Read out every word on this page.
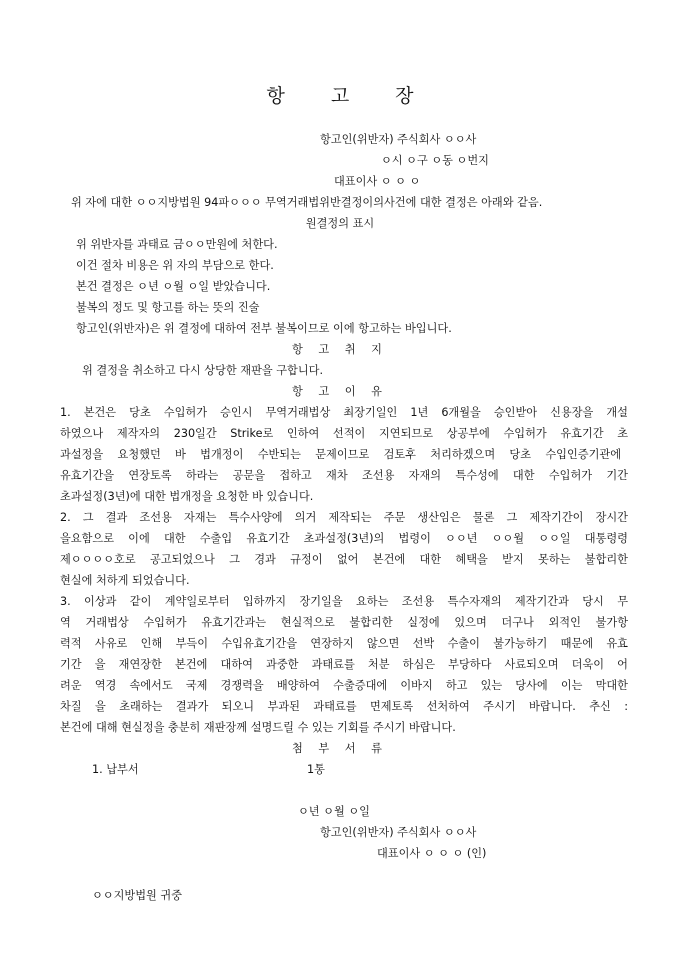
항 고 장
항고인(위반자) 주식회사 ㅇㅇ사
ㅇ시 ㅇ구 ㅇ동 ㅇ번지
대표이사 ㅇ ㅇ ㅇ
위 자에 대한 ㅇㅇ지방법원 94파ㅇㅇㅇ 무역거래법위반결정이의사건에 대한 결정은 아래와 같음.
원결정의 표시
위 위반자를 과태료 금ㅇㅇ만원에 처한다.
이건 절차 비용은 위 자의 부담으로 한다.
본건 결정은 ㅇ년 ㅇ월 ㅇ일 받았습니다.
불복의 정도 및 항고를 하는 뜻의 진술
항고인(위반자)은 위 결정에 대하여 전부 불복이므로 이에 항고하는 바입니다.
항 고 취 지
위 결정을 취소하고 다시 상당한 재판을 구합니다.
항 고 이 유
1. 본건은 당초 수입허가 승인시 무역거래법상 최장기일인 1년 6개월을 승인받아 신용장을 개설
하였으나 제작자의 230일간 Strike로 인하여 선적이 지연되므로 상공부에 수입허가 유효기간 초
과설정을 요청했던 바 법개정이 수반되는 문제이므로 검토후 처리하겠으며 당초 수입인증기관에
유효기간을 연장토록 하라는 공문을 접하고 재차 조선용 자재의 특수성에 대한 수입허가 기간
초과설정(3년)에 대한 법개정을 요청한 바 있습니다.
2. 그 결과 조선용 자재는 특수사양에 의거 제작되는 주문 생산임은 물론 그 제작기간이 장시간
을요함으로 이에 대한 수출입 유효기간 초과설정(3년)의 법령이 ㅇㅇ년 ㅇㅇ월 ㅇㅇ일 대통령령
제ㅇㅇㅇㅇ호로 공고되었으나 그 경과 규정이 없어 본건에 대한 혜택을 받지 못하는 불합리한
현실에 처하게 되었습니다.
3. 이상과 같이 계약일로부터 입하까지 장기일을 요하는 조선용 특수자재의 제작기간과 당시 무
역 거래법상 수입허가 유효기간과는 현실적으로 불합리한 실정에 있으며 더구나 외적인 불가항
력적 사유로 인해 부득이 수입유효기간을 연장하지 않으면 선박 수출이 불가능하기 때문에 유효
기간 을 재연장한 본건에 대하여 과중한 과태료를 처분 하심은 부당하다 사료되오며 더욱이 어
려운 역경 속에서도 국제 경쟁력을 배양하여 수출증대에 이바지 하고 있는 당사에 이는 막대한
차질 을 초래하는 결과가 되오니 부과된 과태료를 면제토록 선처하여 주시기 바랍니다. 추신 :
본건에 대해 현실정을 충분히 재판장께 설명드릴 수 있는 기회를 주시기 바랍니다.
첨 부 서 류
1. 납부서	1통
ㅇ년 ㅇ월 ㅇ일
항고인(위반자) 주식회사 ㅇㅇ사
대표이사 ㅇ ㅇ ㅇ (인)
ㅇㅇ지방법원 귀중
